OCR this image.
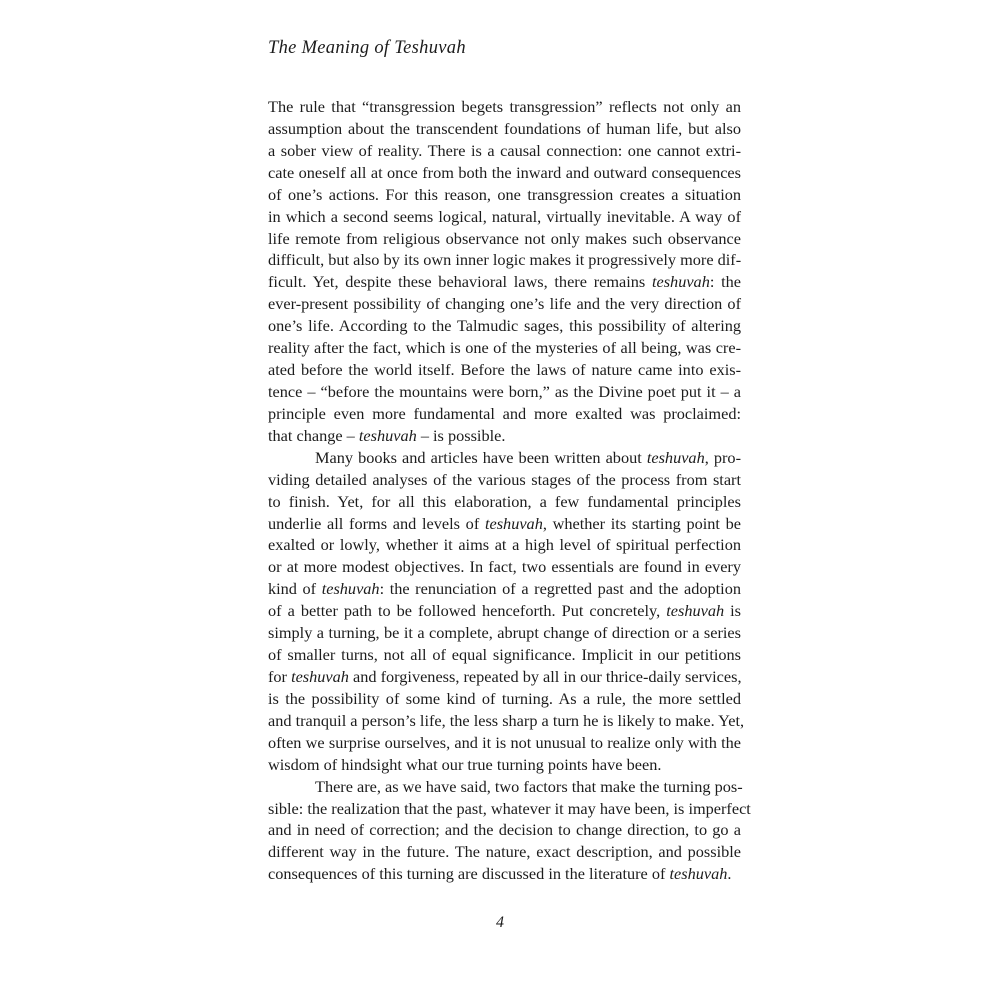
The Meaning of Teshuvah
The rule that “transgression begets transgression” reflects not only an
assumption about the transcendent foundations of human life, but also
a sober view of reality. There is a causal connection: one cannot extri-
cate oneself all at once from both the inward and outward consequences
of one’s actions. For this reason, one transgression creates a situation
in which a second seems logical, natural, virtually inevitable. A way of
life remote from religious observance not only makes such observance
difficult, but also by its own inner logic makes it progressively more dif-
ficult. Yet, despite these behavioral laws, there remains teshuvah: the
ever-present possibility of changing one’s life and the very direction of
one’s life. According to the Talmudic sages, this possibility of altering
reality after the fact, which is one of the mysteries of all being, was cre-
ated before the world itself. Before the laws of nature came into exis-
tence – “before the mountains were born,” as the Divine poet put it – a
principle even more fundamental and more exalted was proclaimed:
that change – teshuvah – is possible.
Many books and articles have been written about teshuvah, pro-
viding detailed analyses of the various stages of the process from start
to finish. Yet, for all this elaboration, a few fundamental principles
underlie all forms and levels of teshuvah, whether its starting point be
exalted or lowly, whether it aims at a high level of spiritual perfection
or at more modest objectives. In fact, two essentials are found in every
kind of teshuvah: the renunciation of a regretted past and the adoption
of a better path to be followed henceforth. Put concretely, teshuvah is
simply a turning, be it a complete, abrupt change of direction or a series
of smaller turns, not all of equal significance. Implicit in our petitions
for teshuvah and forgiveness, repeated by all in our thrice-daily services,
is the possibility of some kind of turning. As a rule, the more settled
and tranquil a person’s life, the less sharp a turn he is likely to make. Yet,
often we surprise ourselves, and it is not unusual to realize only with the
wisdom of hindsight what our true turning points have been.
There are, as we have said, two factors that make the turning pos-
sible: the realization that the past, whatever it may have been, is imperfect
and in need of correction; and the decision to change direction, to go a
different way in the future. The nature, exact description, and possible
consequences of this turning are discussed in the literature of teshuvah.
4
